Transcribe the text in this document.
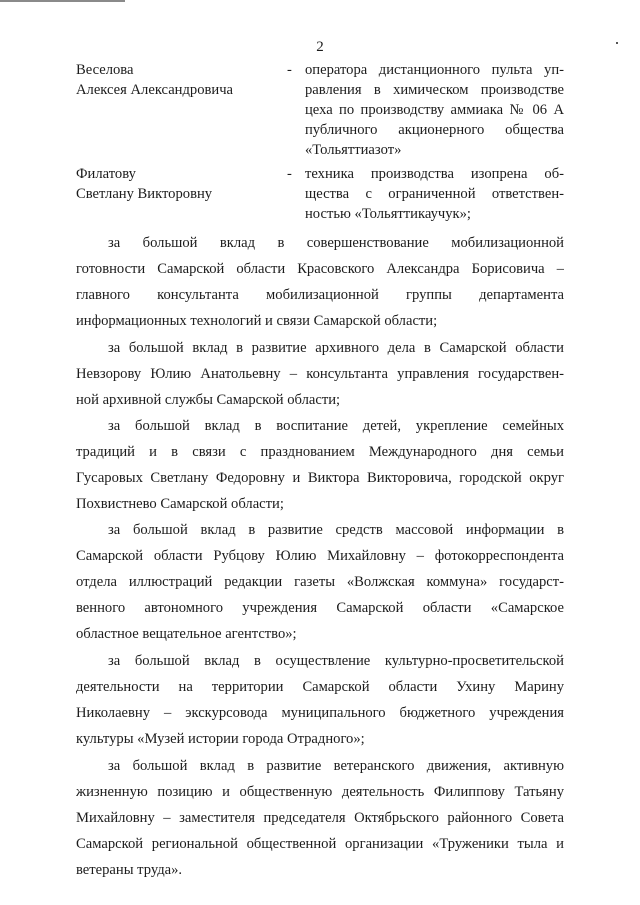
2
Веселова
Алексея Александровича
- оператора дистанционного пульта уп-
равления в химическом производстве
цеха по производству аммиака № 06 А
публичного акционерного общества
«Тольяттиазот»
Филатову
Светлану Викторовну
- техника производства изопрена об-
щества с ограниченной ответствен-
ностью «Тольяттикаучук»;
за большой вклад в совершенствование мобилизационной
готовности Самарской области Красовского Александра Борисовича –
главного консультанта мобилизационной группы департамента
информационных технологий и связи Самарской области;
за большой вклад в развитие архивного дела в Самарской области
Невзорову Юлию Анатольевну – консультанта управления государствен-
ной архивной службы Самарской области;
за большой вклад в воспитание детей, укрепление семейных
традиций и в связи с празднованием Международного дня семьи
Гусаровых Светлану Федоровну и Виктора Викторовича, городской округ
Похвистнево Самарской области;
за большой вклад в развитие средств массовой информации в
Самарской области Рубцову Юлию Михайловну – фотокорреспондента
отдела иллюстраций редакции газеты «Волжская коммуна» государст-
венного автономного учреждения Самарской области «Самарское
областное вещательное агентство»;
за большой вклад в осуществление культурно-просветительской
деятельности на территории Самарской области Ухину Марину
Николаевну – экскурсовода муниципального бюджетного учреждения
культуры «Музей истории города Отрадного»;
за большой вклад в развитие ветеранского движения, активную
жизненную позицию и общественную деятельность Филиппову Татьяну
Михайловну – заместителя председателя Октябрьского районного Совета
Самарской региональной общественной организации «Труженики тыла и
ветераны труда».
